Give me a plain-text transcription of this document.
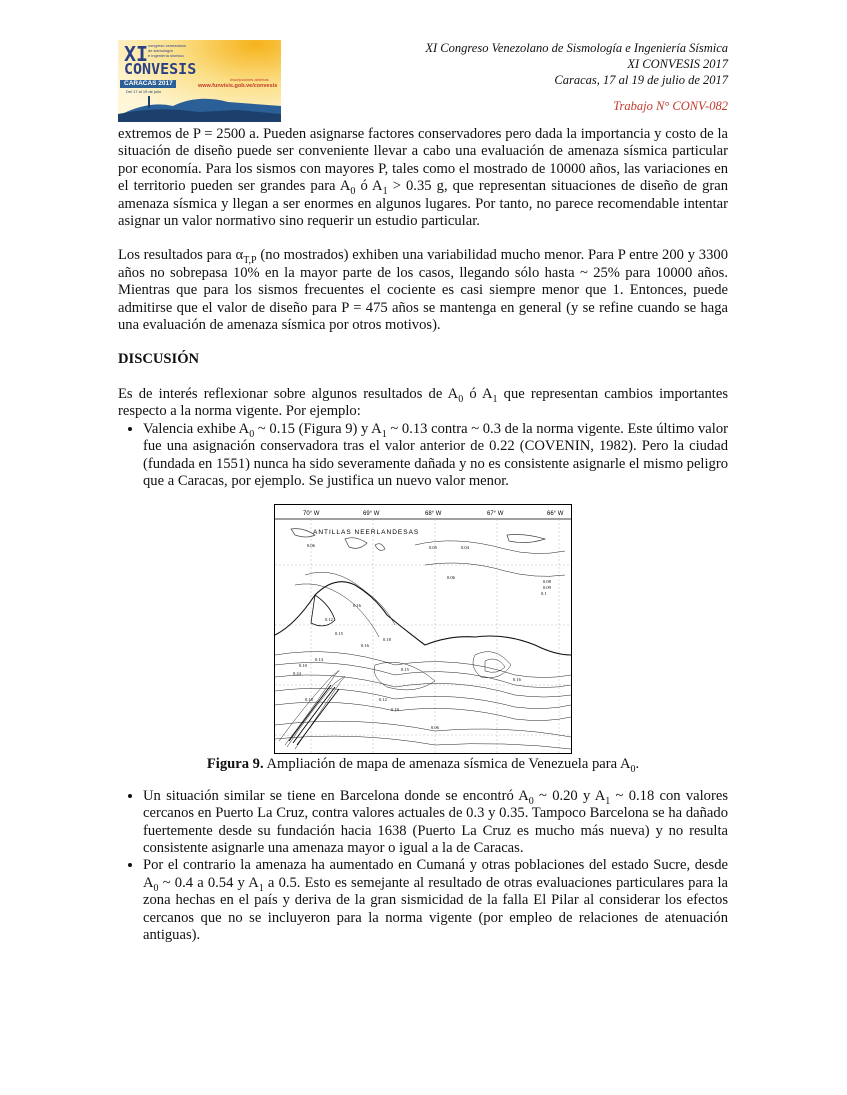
XI
CONVESIS
congreso venezolano
de sismología
e ingeniería sísmica
CARACAS 2017
Del 17 al 19 de julio
Inscripciones abiertas
www.funvisis.gob.ve/convesis
XI Congreso Venezolano de Sismología e Ingeniería Sísmica
XI CONVESIS 2017
Caracas, 17 al 19 de julio de 2017
Trabajo N° CONV-082

extremos de P = 2500 a. Pueden asignarse factores conservadores pero dada la importancia y costo de la situación de diseño puede ser conveniente llevar a cabo una evaluación de amenaza sísmica particular por economía. Para los sismos con mayores P, tales como el mostrado de 10000 años, las variaciones en el territorio pueden ser grandes para $A_0$ ó $A_1 > 0.35$ g, que representan situaciones de diseño de gran amenaza sísmica y llegan a ser enormes en algunos lugares. Por tanto, no parece recomendable intentar asignar un valor normativo sino requerir un estudio particular.

Los resultados para $\alpha_{T,P}$ (no mostrados) exhiben una variabilidad mucho menor. Para P entre 200 y 3300 años no sobrepasa 10% en la mayor parte de los casos, llegando sólo hasta ~ 25% para 10000 años. Mientras que para los sismos frecuentes el cociente es casi siempre menor que 1. Entonces, puede admitirse que el valor de diseño para P = 475 años se mantenga en general (y se refine cuando se haga una evaluación de amenaza sísmica por otros motivos).

DISCUSIÓN

Es de interés reflexionar sobre algunos resultados de $A_0$ ó $A_1$ que representan cambios importantes respecto a la norma vigente. Por ejemplo:

• Valencia exhibe $A_0$ ~ 0.15 (Figura 9) y $A_1$ ~ 0.13 contra ~ 0.3 de la norma vigente. Este último valor fue una asignación conservadora tras el valor anterior de 0.22 (COVENIN, 1982). Pero la ciudad (fundada en 1551) nunca ha sido severamente dañada y no es consistente asignarle el mismo peligro que a Caracas, por ejemplo. Se justifica un nuevo valor menor.
70° W	69° W	68° W	67° W	66° W
0.06	0.05	0.04
0.06
0.08
0.09
0.1
0.16
0.12
0.15
0.18
0.16
0.14
0.10
0.24
0.18
0.15
0.12
0.10
0.16
0.06
ANTILLAS NEERLANDESAS
Figura 9. Ampliación de mapa de amenaza sísmica de Venezuela para $A_0$.
• Un situación similar se tiene en Barcelona donde se encontró $A_0$ ~ 0.20 y $A_1$ ~ 0.18 con valores cercanos en Puerto La Cruz, contra valores actuales de 0.3 y 0.35. Tampoco Barcelona se ha dañado fuertemente desde su fundación hacia 1638 (Puerto La Cruz es mucho más nueva) y no resulta consistente asignarle una amenaza mayor o igual a la de Caracas.
• Por el contrario la amenaza ha aumentado en Cumaná y otras poblaciones del estado Sucre, desde $A_0$ ~ 0.4 a 0.54 y $A_1$ a 0.5. Esto es semejante al resultado de otras evaluaciones particulares para la zona hechas en el país y deriva de la gran sismicidad de la falla El Pilar al considerar los efectos cercanos que no se incluyeron para la norma vigente (por empleo de relaciones de atenuación antiguas).
